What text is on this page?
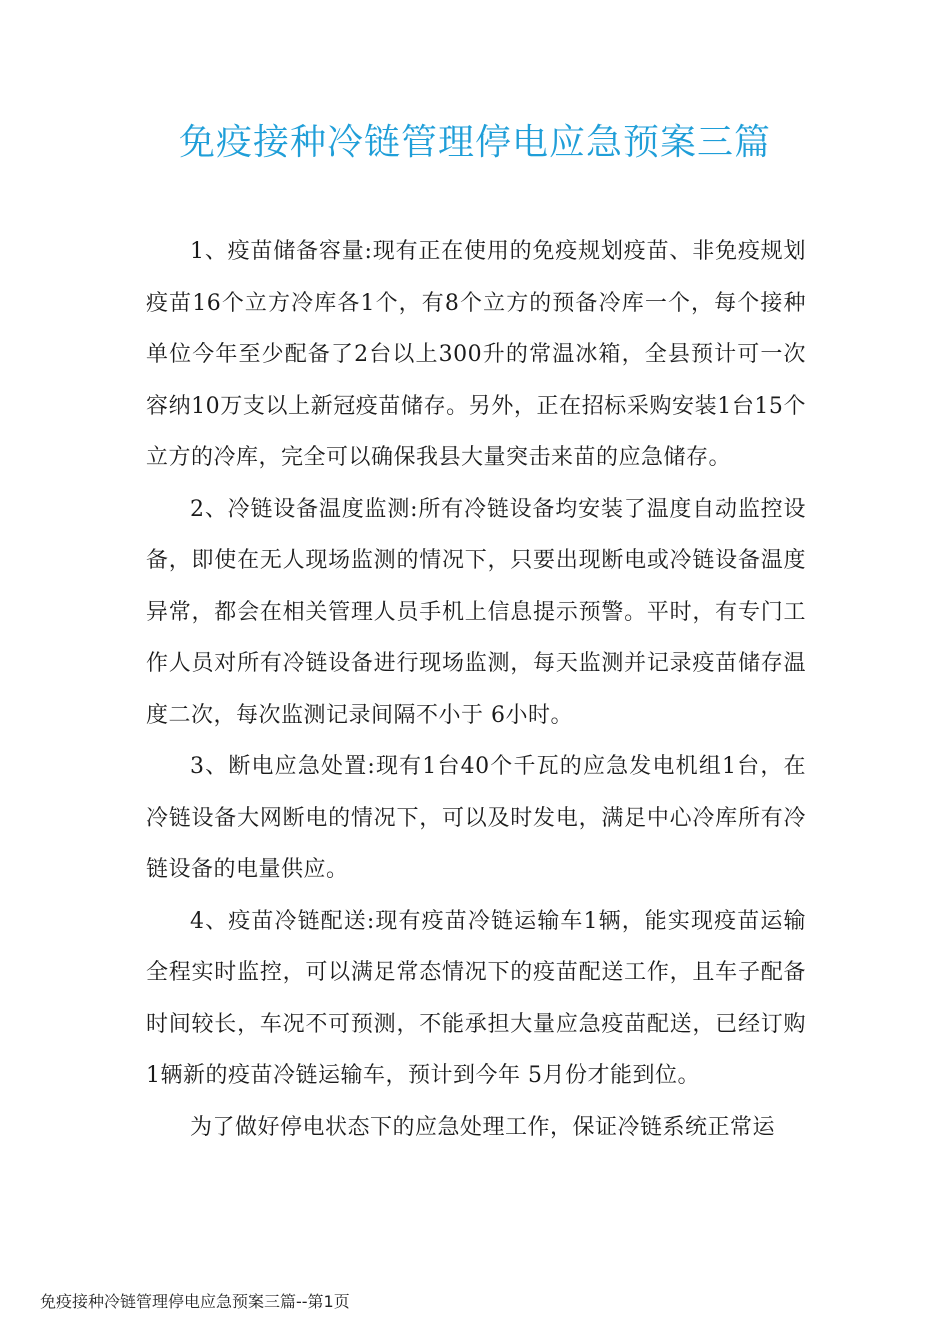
免疫接种冷链管理停电应急预案三篇

1、疫苗储备容量:现有正在使用的免疫规划疫苗、非免疫规划疫苗16个立方冷库各1个，有8个立方的预备冷库一个，每个接种单位今年至少配备了2台以上300升的常温冰箱，全县预计可一次容纳10万支以上新冠疫苗储存。另外，正在招标采购安装1台15个立方的冷库，完全可以确保我县大量突击来苗的应急储存。

2、冷链设备温度监测:所有冷链设备均安装了温度自动监控设备，即使在无人现场监测的情况下，只要出现断电或冷链设备温度异常，都会在相关管理人员手机上信息提示预警。平时，有专门工作人员对所有冷链设备进行现场监测，每天监测并记录疫苗储存温度二次，每次监测记录间隔不小于 6小时。

3、断电应急处置:现有1台40个千瓦的应急发电机组1台，在冷链设备大网断电的情况下，可以及时发电，满足中心冷库所有冷链设备的电量供应。

4、疫苗冷链配送:现有疫苗冷链运输车1辆，能实现疫苗运输全程实时监控，可以满足常态情况下的疫苗配送工作，且车子配备时间较长，车况不可预测，不能承担大量应急疫苗配送，已经订购1辆新的疫苗冷链运输车，预计到今年 5月份才能到位。

为了做好停电状态下的应急处理工作，保证冷链系统正常运

免疫接种冷链管理停电应急预案三篇--第1页
